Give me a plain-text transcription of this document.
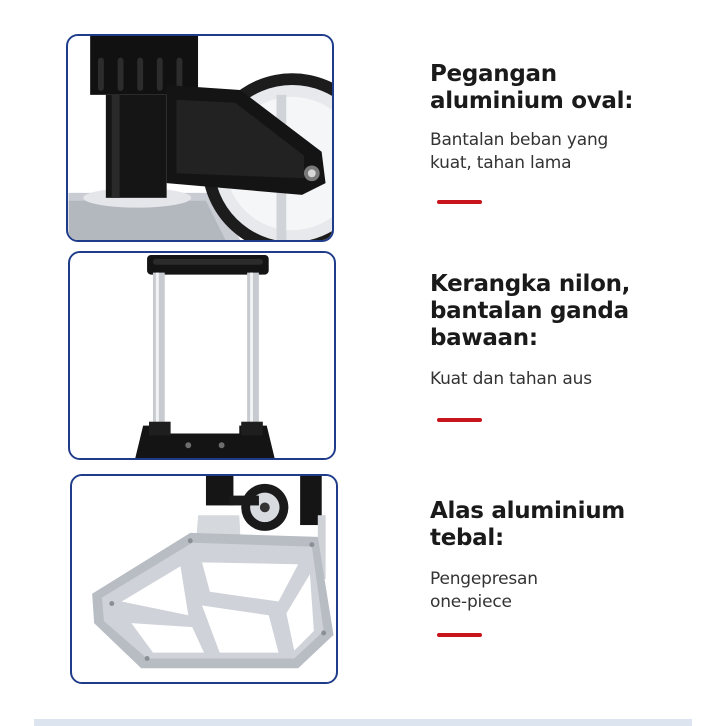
Pegangan
aluminium oval:

Bantalan beban yang
kuat, tahan lama

Kerangka nilon,
bantalan ganda
bawaan:

Kuat dan tahan aus

Alas aluminium
tebal:

Pengepresan
one-piece
